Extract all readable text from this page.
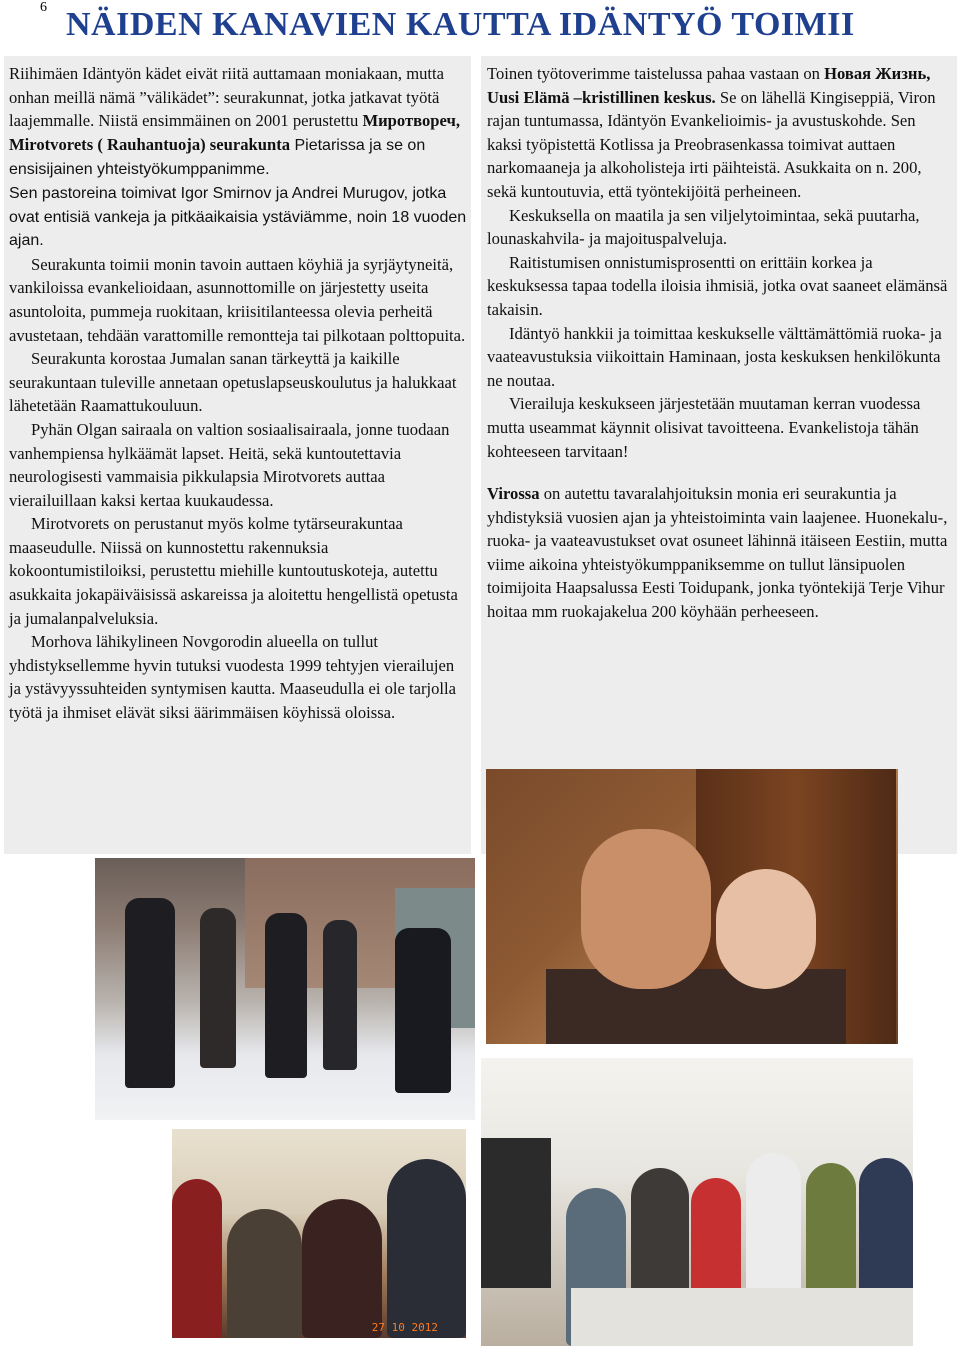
6 NÄIDEN KANAVIEN KAUTTA IDÄNTYÖ TOIMII

Riihimäen Idäntyön kädet eivät riitä auttamaan moniakaan, mutta onhan meillä nämä ”välikädet”: seurakunnat, jotka jatkavat työtä laajemmalle. Niistä ensimmäinen on 2001 perustettu Миротвореч, Mirotvorets ( Rauhantuoja) seurakunta Pietarissa ja se on ensisijainen yhteistyökumppanimme.

Sen pastoreina toimivat Igor Smirnov ja Andrei Murugov, jotka ovat entisiä vankeja ja pitkäaikaisia ystäviämme, noin 18 vuoden ajan.

Seurakunta toimii monin tavoin auttaen köyhiä ja syrjäytyneitä, vankiloissa evankelioidaan, asunnottomille on järjestetty useita asuntoloita, pummeja ruokitaan, kriisitilanteessa olevia perheitä avustetaan, tehdään varattomille remontteja tai pilkotaan polttopuita.

Seurakunta korostaa Jumalan sanan tärkeyttä ja kaikille seurakuntaan tuleville annetaan opetuslapseuskoulutus ja halukkaat lähetetään Raamattukouluun.

Pyhän Olgan sairaala on valtion sosiaalisairaala, jonne tuodaan vanhempiensa hylkäämät lapset. Heitä, sekä kuntoutettavia neurologisesti vammaisia pikkulapsia Mirotvorets auttaa vierailuillaan kaksi kertaa kuukaudessa.

Mirotvorets on perustanut myös kolme tytärseurakuntaa maaseudulle. Niissä on kunnostettu rakennuksia kokoontumistiloiksi, perustettu miehille kuntoutuskoteja, autettu asukkaita jokapäiväisissä askareissa ja aloitettu hengellistä opetusta ja jumalanpalveluksia.

Morhova lähikylineen Novgorodin alueella on tullut yhdistyksellemme hyvin tutuksi vuodesta 1999 tehtyjen vierailujen ja ystävyyssuhteiden syntymisen kautta. Maaseudulla ei ole tarjolla työtä ja ihmiset elävät siksi äärimmäisen köyhissä oloissa.

Toinen työtoverimme taistelussa pahaa vastaan on Новая Жизнь, Uusi Elämä –kristillinen keskus. Se on lähellä Kingiseppiä, Viron rajan tuntumassa, Idäntyön Evankelioimis- ja avustuskohde. Sen kaksi työpistettä Kotlissa ja Preobrasenkassa toimivat auttaen narkomaaneja ja alkoholisteja irti päihteistä. Asukkaita on n. 200, sekä kuntoutuvia, että työntekijöitä perheineen.

Keskuksella on maatila ja sen viljelytoimintaa, sekä puutarha, lounaskahvila- ja majoituspalveluja.

Raitistumisen onnistumisprosentti on erittäin korkea ja keskuksessa tapaa todella iloisia ihmisiä, jotka ovat saaneet elämänsä takaisin.

Idäntyö hankkii ja toimittaa keskukselle välttämättömiä ruoka- ja vaateavustuksia viikoittain Haminaan, josta keskuksen henkilökunta ne noutaa.

Vierailuja keskukseen järjestetään muutaman kerran vuodessa mutta useammat käynnit olisivat tavoitteena. Evankelistoja tähän kohteeseen tarvitaan!

Virossa on autettu tavaralahjoituksin monia eri seurakuntia ja yhdistyksiä vuosien ajan ja yhteistoiminta vain laajenee. Huonekalu-, ruoka- ja vaateavustukset ovat osuneet lähinnä itäiseen Eestiin, mutta viime aikoina yhteistyökumppaniksemme on tullut länsipuolen toimijoita Haapsalussa Eesti Toidupank, jonka työntekijä Terje Vihur hoitaa mm ruokajakelua 200 köyhään perheeseen.

27 10 2012
